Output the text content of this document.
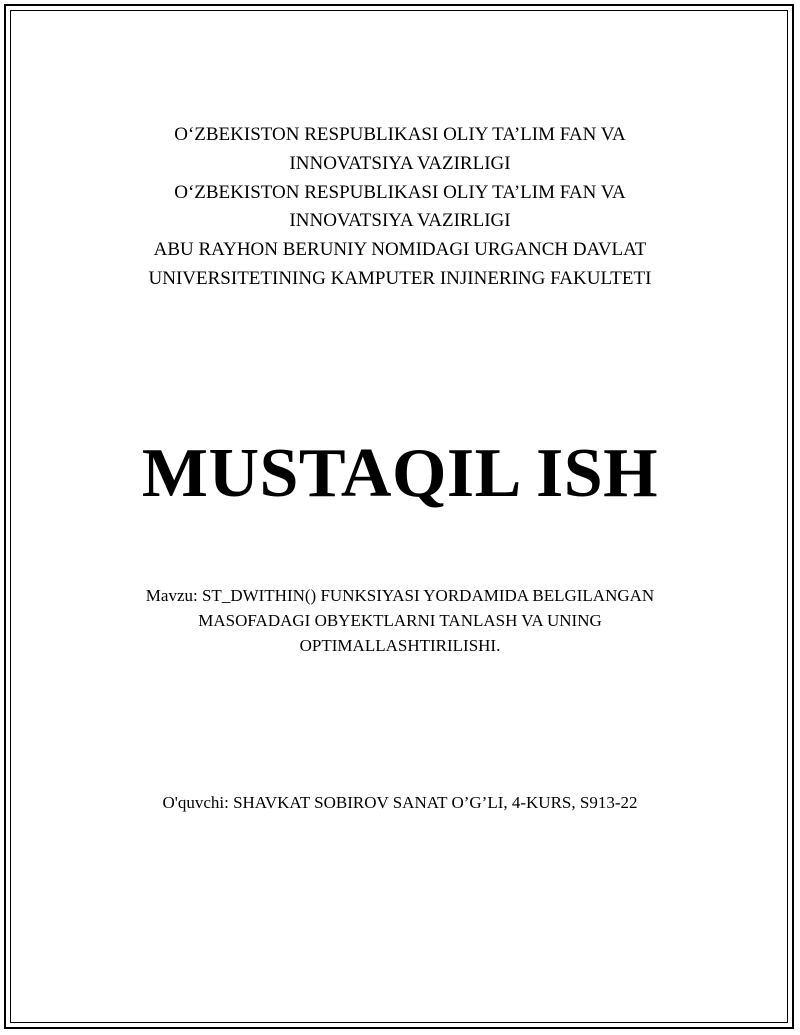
O‘ZBEKISTON RESPUBLIKASI OLIY TA’LIM FAN VA
INNOVATSIYA VAZIRLIGI
O‘ZBEKISTON RESPUBLIKASI OLIY TA’LIM FAN VA
INNOVATSIYA VAZIRLIGI
ABU RAYHON BERUNIY NOMIDAGI URGANCH DAVLAT
UNIVERSITETINING KAMPUTER INJINERING FAKULTETI
MUSTAQIL ISH
Mavzu: ST_DWITHIN() FUNKSIYASI YORDAMIDA BELGILANGAN
MASOFADAGI OBYEKTLARNI TANLASH VA UNING
OPTIMALLASHTIRILISHI.
O'quvchi: SHAVKAT SOBIROV SANAT O’G’LI, 4-KURS, S913-22
